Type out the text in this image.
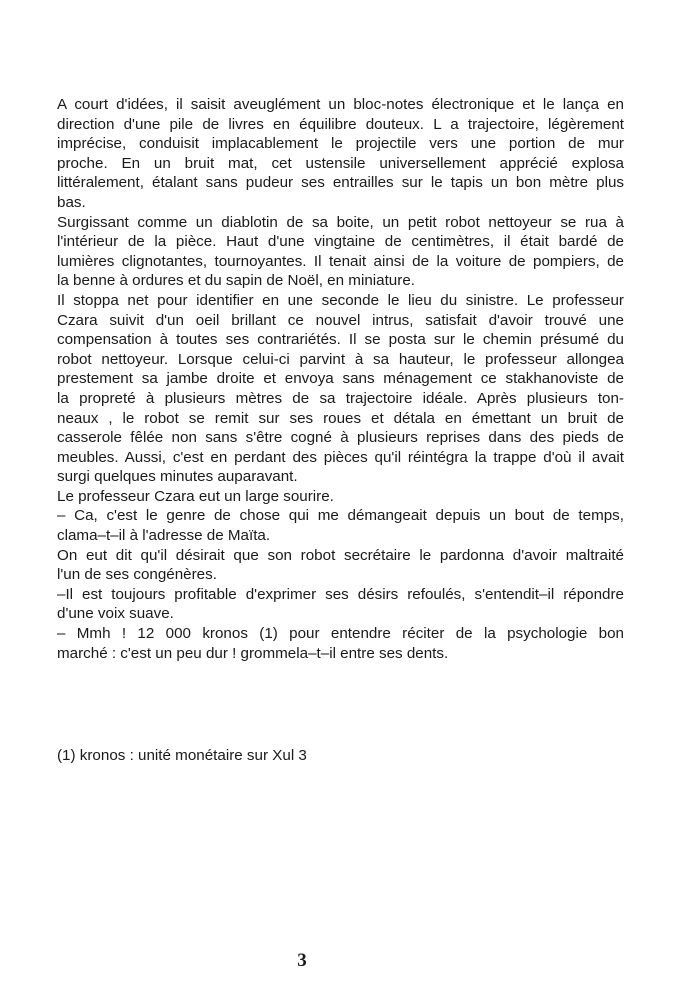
A court d'idées, il saisit aveuglément un bloc-notes électronique et le lança en
direction d'une pile de livres en équilibre douteux. L a trajectoire, légèrement
imprécise, conduisit implacablement le projectile vers une portion de mur
proche. En un bruit mat, cet ustensile universellement apprécié explosa
littéralement, étalant sans pudeur ses entrailles sur le tapis un bon mètre plus
bas.
Surgissant comme un diablotin de sa boite, un petit robot nettoyeur se rua à
l'intérieur de la pièce. Haut d'une vingtaine de centimètres, il était bardé de
lumières clignotantes, tournoyantes. Il tenait ainsi de la voiture de pompiers, de
la benne à ordures et du sapin de Noël, en miniature.
Il stoppa net pour identifier en une seconde le lieu du sinistre. Le professeur
Czara suivit d'un oeil brillant ce nouvel intrus, satisfait d'avoir trouvé une
compensation à toutes ses contrariétés. Il se posta sur le chemin présumé du
robot nettoyeur. Lorsque celui-ci parvint à sa hauteur, le professeur allongea
prestement sa jambe droite et envoya sans ménagement ce stakhanoviste de
la propreté à plusieurs mètres de sa trajectoire idéale. Après plusieurs ton-
neaux , le robot se remit sur ses roues et détala en émettant un bruit de
casserole fêlée non sans s'être cogné à plusieurs reprises dans des pieds de
meubles. Aussi, c'est en perdant des pièces qu'il réintégra la trappe d'où il avait
surgi quelques minutes auparavant.
Le professeur Czara eut un large sourire.
– Ca, c'est le genre de chose qui me démangeait depuis un bout de temps,
clama–t–il à l'adresse de Maïta.
On eut dit qu'il désirait que son robot secrétaire le pardonna d'avoir maltraité
l'un de ses congénères.
–Il est toujours profitable d'exprimer ses désirs refoulés, s'entendit–il répondre
d'une voix suave.
– Mmh ! 12 000 kronos (1) pour entendre réciter de la psychologie bon
marché : c'est un peu dur ! grommela–t–il entre ses dents.

(1) kronos : unité monétaire sur Xul 3

3
